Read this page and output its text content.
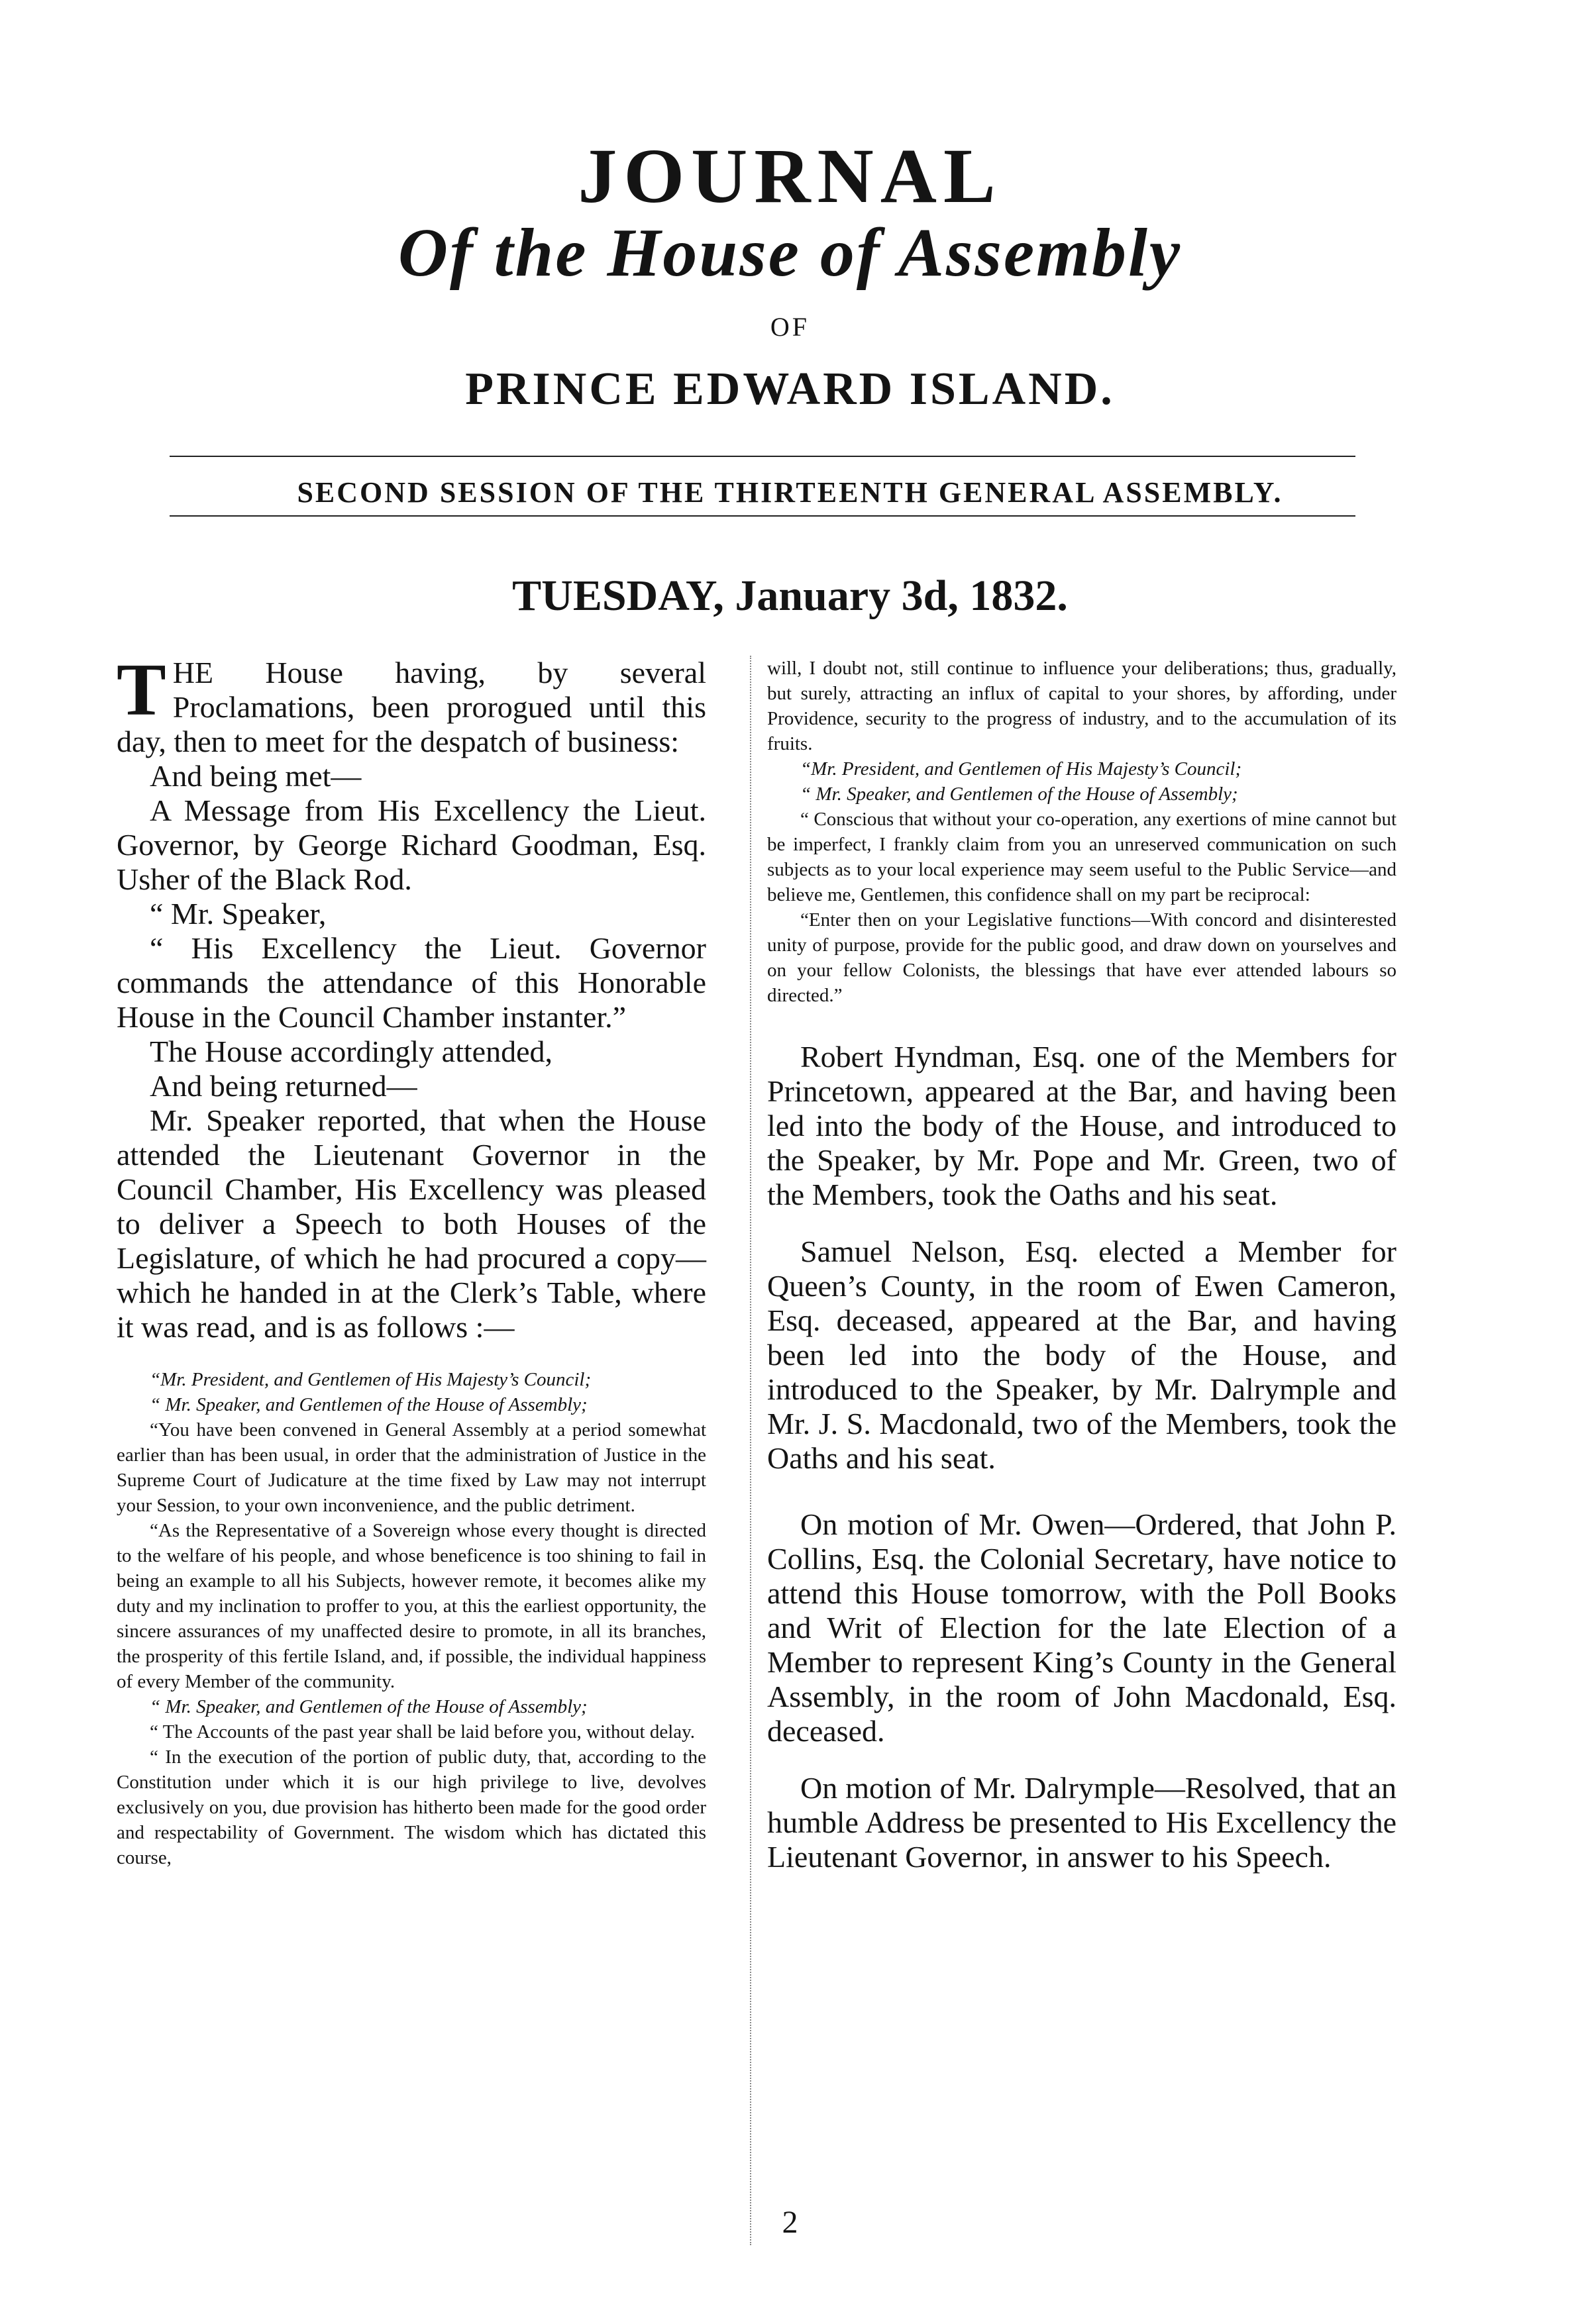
JOURNAL
Of the House of Assembly
OF
PRINCE EDWARD ISLAND.
SECOND SESSION OF THE THIRTEENTH GENERAL ASSEMBLY.
TUESDAY, January 3d, 1832.

THE House having, by several Proclamations, been prorogued until this day, then to meet for the despatch of business:

And being met—

A Message from His Excellency the Lieut. Governor, by George Richard Goodman, Esq. Usher of the Black Rod.

“ Mr. Speaker,

“ His Excellency the Lieut. Governor commands the attendance of this Honorable House in the Council Chamber instanter.”

The House accordingly attended,

And being returned—

Mr. Speaker reported, that when the House attended the Lieutenant Governor in the Council Chamber, His Excellency was pleased to deliver a Speech to both Houses of the Legislature, of which he had procured a copy—which he handed in at the Clerk’s Table, where it was read, and is as follows :—

“Mr. President, and Gentlemen of His Majesty’s Council;

“ Mr. Speaker, and Gentlemen of the House of Assembly;

“You have been convened in General Assembly at a period somewhat earlier than has been usual, in order that the administration of Justice in the Supreme Court of Judicature at the time fixed by Law may not interrupt your Session, to your own inconvenience, and the public detriment.

“As the Representative of a Sovereign whose every thought is directed to the welfare of his people, and whose beneficence is too shining to fail in being an example to all his Subjects, however remote, it becomes alike my duty and my inclination to proffer to you, at this the earliest opportunity, the sincere assurances of my unaffected desire to promote, in all its branches, the prosperity of this fertile Island, and, if possible, the individual happiness of every Member of the community.

“ Mr. Speaker, and Gentlemen of the House of Assembly;

“ The Accounts of the past year shall be laid before you, without delay.

“ In the execution of the portion of public duty, that, according to the Constitution under which it is our high privilege to live, devolves exclusively on you, due provision has hitherto been made for the good order and respectability of Government. The wisdom which has dictated this course,

will, I doubt not, still continue to influence your deliberations; thus, gradually, but surely, attracting an influx of capital to your shores, by affording, under Providence, security to the progress of industry, and to the accumulation of its fruits.

“Mr. President, and Gentlemen of His Majesty’s Council;

“ Mr. Speaker, and Gentlemen of the House of Assembly;

“ Conscious that without your co-operation, any exertions of mine cannot but be imperfect, I frankly claim from you an unreserved communication on such subjects as to your local experience may seem useful to the Public Service—and believe me, Gentlemen, this confidence shall on my part be reciprocal:

“Enter then on your Legislative functions—With concord and disinterested unity of purpose, provide for the public good, and draw down on yourselves and on your fellow Colonists, the blessings that have ever attended labours so directed.”

Robert Hyndman, Esq. one of the Members for Princetown, appeared at the Bar, and having been led into the body of the House, and introduced to the Speaker, by Mr. Pope and Mr. Green, two of the Members, took the Oaths and his seat.

Samuel Nelson, Esq. elected a Member for Queen’s County, in the room of Ewen Cameron, Esq. deceased, appeared at the Bar, and having been led into the body of the House, and introduced to the Speaker, by Mr. Dalrymple and Mr. J. S. Macdonald, two of the Members, took the Oaths and his seat.

On motion of Mr. Owen—Ordered, that John P. Collins, Esq. the Colonial Secretary, have notice to attend this House tomorrow, with the Poll Books and Writ of Election for the late Election of a Member to represent King’s County in the General Assembly, in the room of John Macdonald, Esq. deceased.

On motion of Mr. Dalrymple—Resolved, that an humble Address be presented to His Excellency the Lieutenant Governor, in answer to his Speech.

2
